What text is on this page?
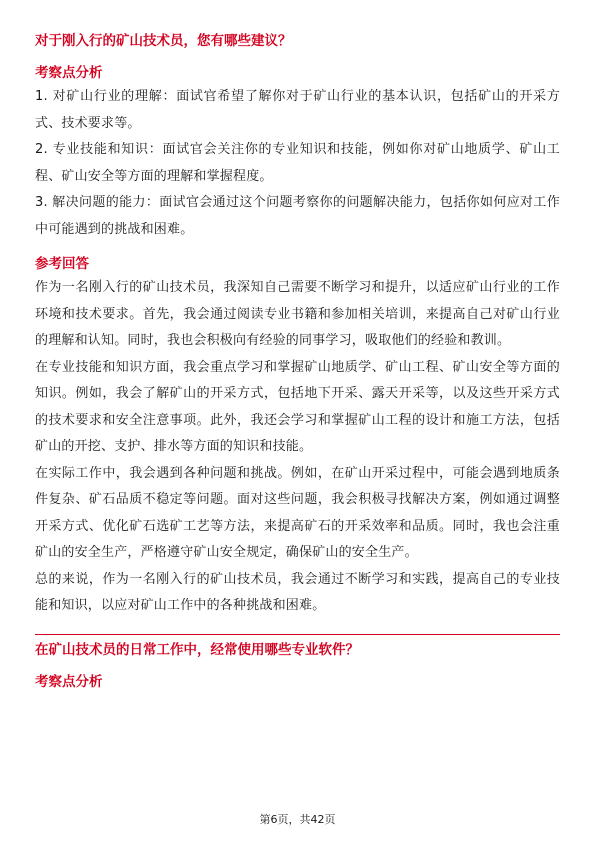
对于刚入行的矿山技术员，您有哪些建议？

考察点分析

1. 对矿山行业的理解：面试官希望了解你对于矿山行业的基本认识，包括矿山的开采方式、技术要求等。

2. 专业技能和知识：面试官会关注你的专业知识和技能，例如你对矿山地质学、矿山工程、矿山安全等方面的理解和掌握程度。

3. 解决问题的能力：面试官会通过这个问题考察你的问题解决能力，包括你如何应对工作中可能遇到的挑战和困难。

参考回答

作为一名刚入行的矿山技术员，我深知自己需要不断学习和提升，以适应矿山行业的工作环境和技术要求。首先，我会通过阅读专业书籍和参加相关培训，来提高自己对矿山行业的理解和认知。同时，我也会积极向有经验的同事学习，吸取他们的经验和教训。

在专业技能和知识方面，我会重点学习和掌握矿山地质学、矿山工程、矿山安全等方面的知识。例如，我会了解矿山的开采方式，包括地下开采、露天开采等，以及这些开采方式的技术要求和安全注意事项。此外，我还会学习和掌握矿山工程的设计和施工方法，包括矿山的开挖、支护、排水等方面的知识和技能。

在实际工作中，我会遇到各种问题和挑战。例如，在矿山开采过程中，可能会遇到地质条件复杂、矿石品质不稳定等问题。面对这些问题，我会积极寻找解决方案，例如通过调整开采方式、优化矿石选矿工艺等方法，来提高矿石的开采效率和品质。同时，我也会注重矿山的安全生产，严格遵守矿山安全规定，确保矿山的安全生产。

总的来说，作为一名刚入行的矿山技术员，我会通过不断学习和实践，提高自己的专业技能和知识，以应对矿山工作中的各种挑战和困难。

在矿山技术员的日常工作中，经常使用哪些专业软件？

考察点分析

第6页，共42页
